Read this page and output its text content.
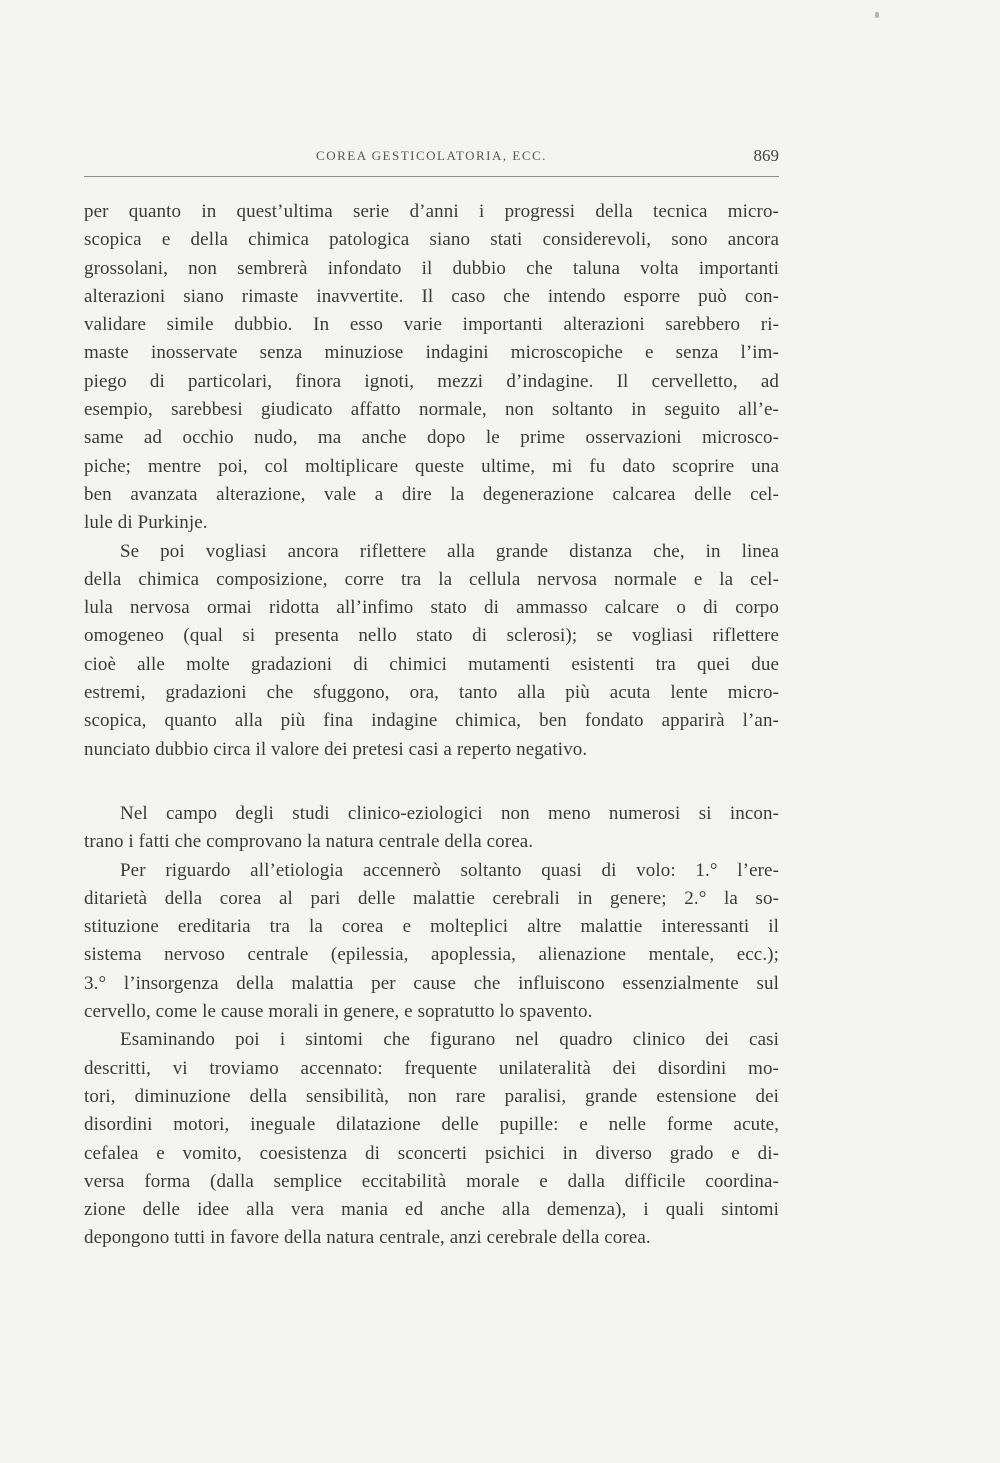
COREA GESTICOLATORIA, ECC.	869

per quanto in quest’ultima serie d’anni i progressi della tecnica micro-
scopica e della chimica patologica siano stati considerevoli, sono ancora
grossolani, non sembrerà infondato il dubbio che taluna volta importanti
alterazioni siano rimaste inavvertite. Il caso che intendo esporre può con-
validare simile dubbio. In esso varie importanti alterazioni sarebbero ri-
maste inosservate senza minuziose indagini microscopiche e senza l’im-
piego di particolari, finora ignoti, mezzi d’indagine. Il cervelletto, ad
esempio, sarebbesi giudicato affatto normale, non soltanto in seguito all’e-
same ad occhio nudo, ma anche dopo le prime osservazioni microsco-
piche; mentre poi, col moltiplicare queste ultime, mi fu dato scoprire una
ben avanzata alterazione, vale a dire la degenerazione calcarea delle cel-
lule di Purkinje.

Se poi vogliasi ancora riflettere alla grande distanza che, in linea
della chimica composizione, corre tra la cellula nervosa normale e la cel-
lula nervosa ormai ridotta all’infimo stato di ammasso calcare o di corpo
omogeneo (qual si presenta nello stato di sclerosi); se vogliasi riflettere
cioè alle molte gradazioni di chimici mutamenti esistenti tra quei due
estremi, gradazioni che sfuggono, ora, tanto alla più acuta lente micro-
scopica, quanto alla più fina indagine chimica, ben fondato apparirà l’an-
nunciato dubbio circa il valore dei pretesi casi a reperto negativo.

Nel campo degli studi clinico-eziologici non meno numerosi si incon-
trano i fatti che comprovano la natura centrale della corea.

Per riguardo all’etiologia accennerò soltanto quasi di volo: 1.° l’ere-
ditarietà della corea al pari delle malattie cerebrali in genere; 2.° la so-
stituzione ereditaria tra la corea e molteplici altre malattie interessanti il
sistema nervoso centrale (epilessia, apoplessia, alienazione mentale, ecc.);
3.° l’insorgenza della malattia per cause che influiscono essenzialmente sul
cervello, come le cause morali in genere, e sopratutto lo spavento.

Esaminando poi i sintomi che figurano nel quadro clinico dei casi
descritti, vi troviamo accennato: frequente unilateralità dei disordini mo-
tori, diminuzione della sensibilità, non rare paralisi, grande estensione dei
disordini motori, ineguale dilatazione delle pupille: e nelle forme acute,
cefalea e vomito, coesistenza di sconcerti psichici in diverso grado e di-
versa forma (dalla semplice eccitabilità morale e dalla difficile coordina-
zione delle idee alla vera mania ed anche alla demenza), i quali sintomi
depongono tutti in favore della natura centrale, anzi cerebrale della corea.
